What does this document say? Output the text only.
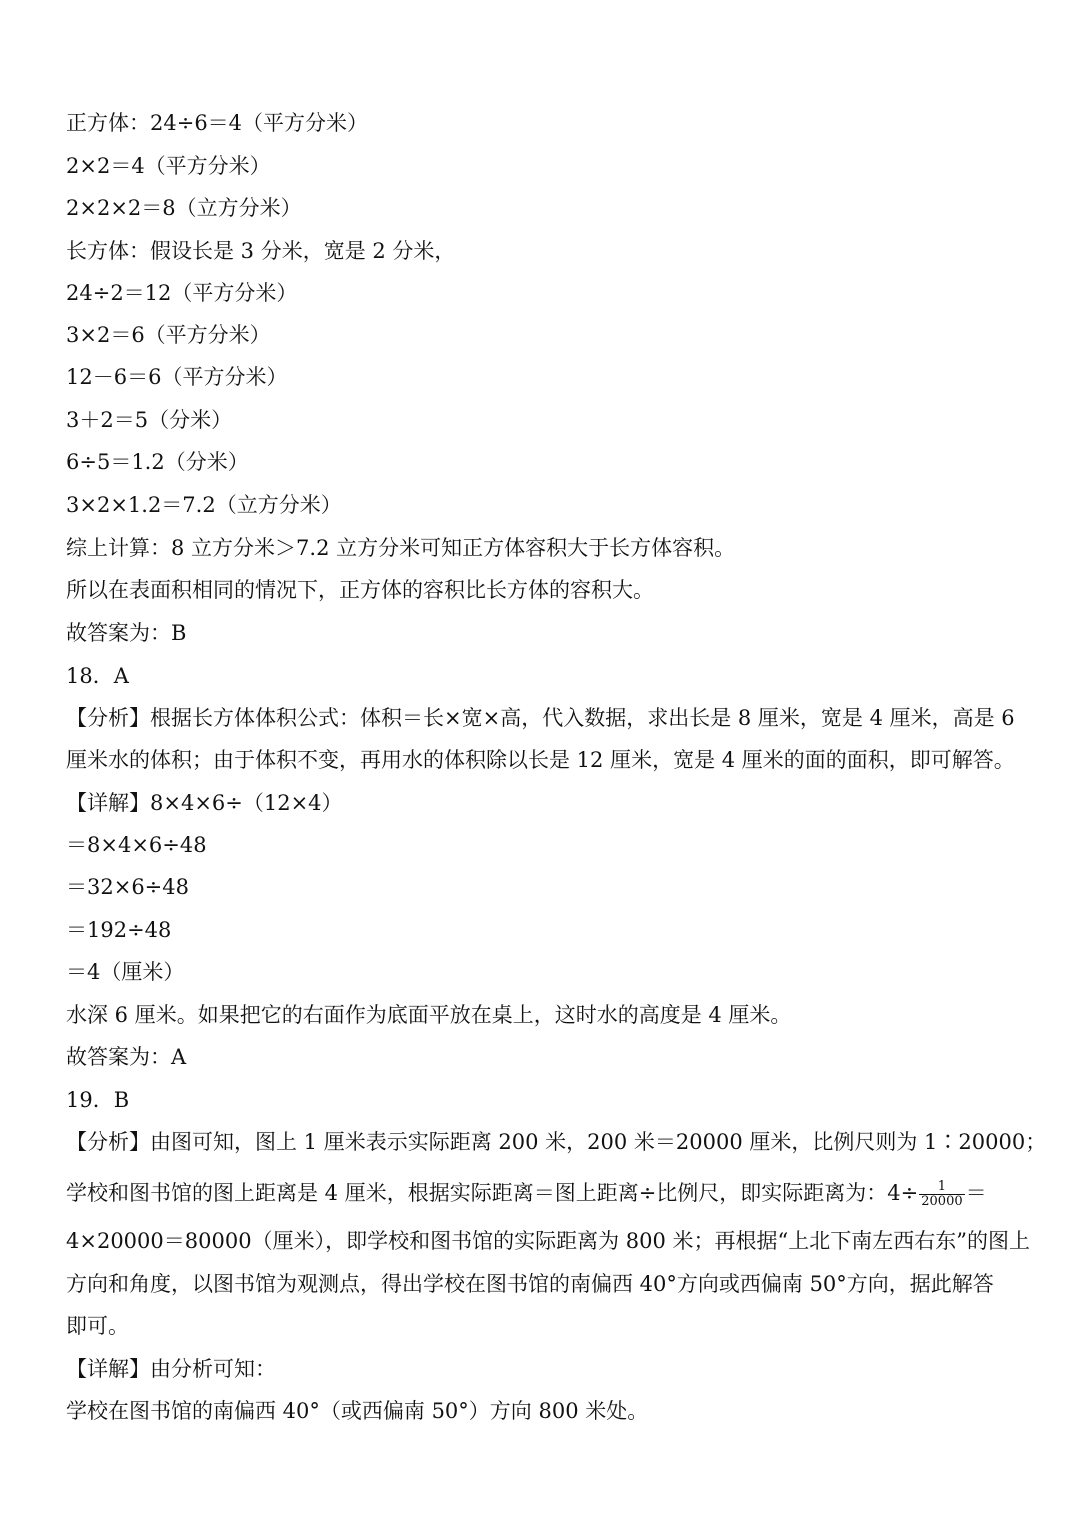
正方体：24÷6＝4（平方分米）
2×2＝4（平方分米）
2×2×2＝8（立方分米）
长方体：假设长是 3 分米，宽是 2 分米，
24÷2＝12（平方分米）
3×2＝6（平方分米）
12－6＝6（平方分米）
3＋2＝5（分米）
6÷5＝1.2（分米）
3×2×1.2＝7.2（立方分米）
综上计算：8 立方分米＞7.2 立方分米可知正方体容积大于长方体容积。
所以在表面积相同的情况下，正方体的容积比长方体的容积大。
故答案为：B
18．A
【分析】根据长方体体积公式：体积＝长×宽×高，代入数据，求出长是 8 厘米，宽是 4 厘米，高是 6
厘米水的体积；由于体积不变，再用水的体积除以长是 12 厘米，宽是 4 厘米的面的面积，即可解答。
【详解】8×4×6÷（12×4）
＝8×4×6÷48
＝32×6÷48
＝192÷48
＝4（厘米）
水深 6 厘米。如果把它的右面作为底面平放在桌上，这时水的高度是 4 厘米。
故答案为：A
19．B
【分析】由图可知，图上 1 厘米表示实际距离 200 米，200 米＝20000 厘米，比例尺则为 1∶20000；
学校和图书馆的图上距离是 4 厘米，根据实际距离＝图上距离÷比例尺，即实际距离为：$4\div \frac{1}{20000}$ ＝
4×20000＝80000（厘米），即学校和图书馆的实际距离为 800 米；再根据“上北下南左西右东”的图上
方向和角度，以图书馆为观测点，得出学校在图书馆的南偏西 40°方向或西偏南 50°方向，据此解答
即可。
【详解】由分析可知：
学校在图书馆的南偏西 40°（或西偏南 50°）方向 800 米处。
